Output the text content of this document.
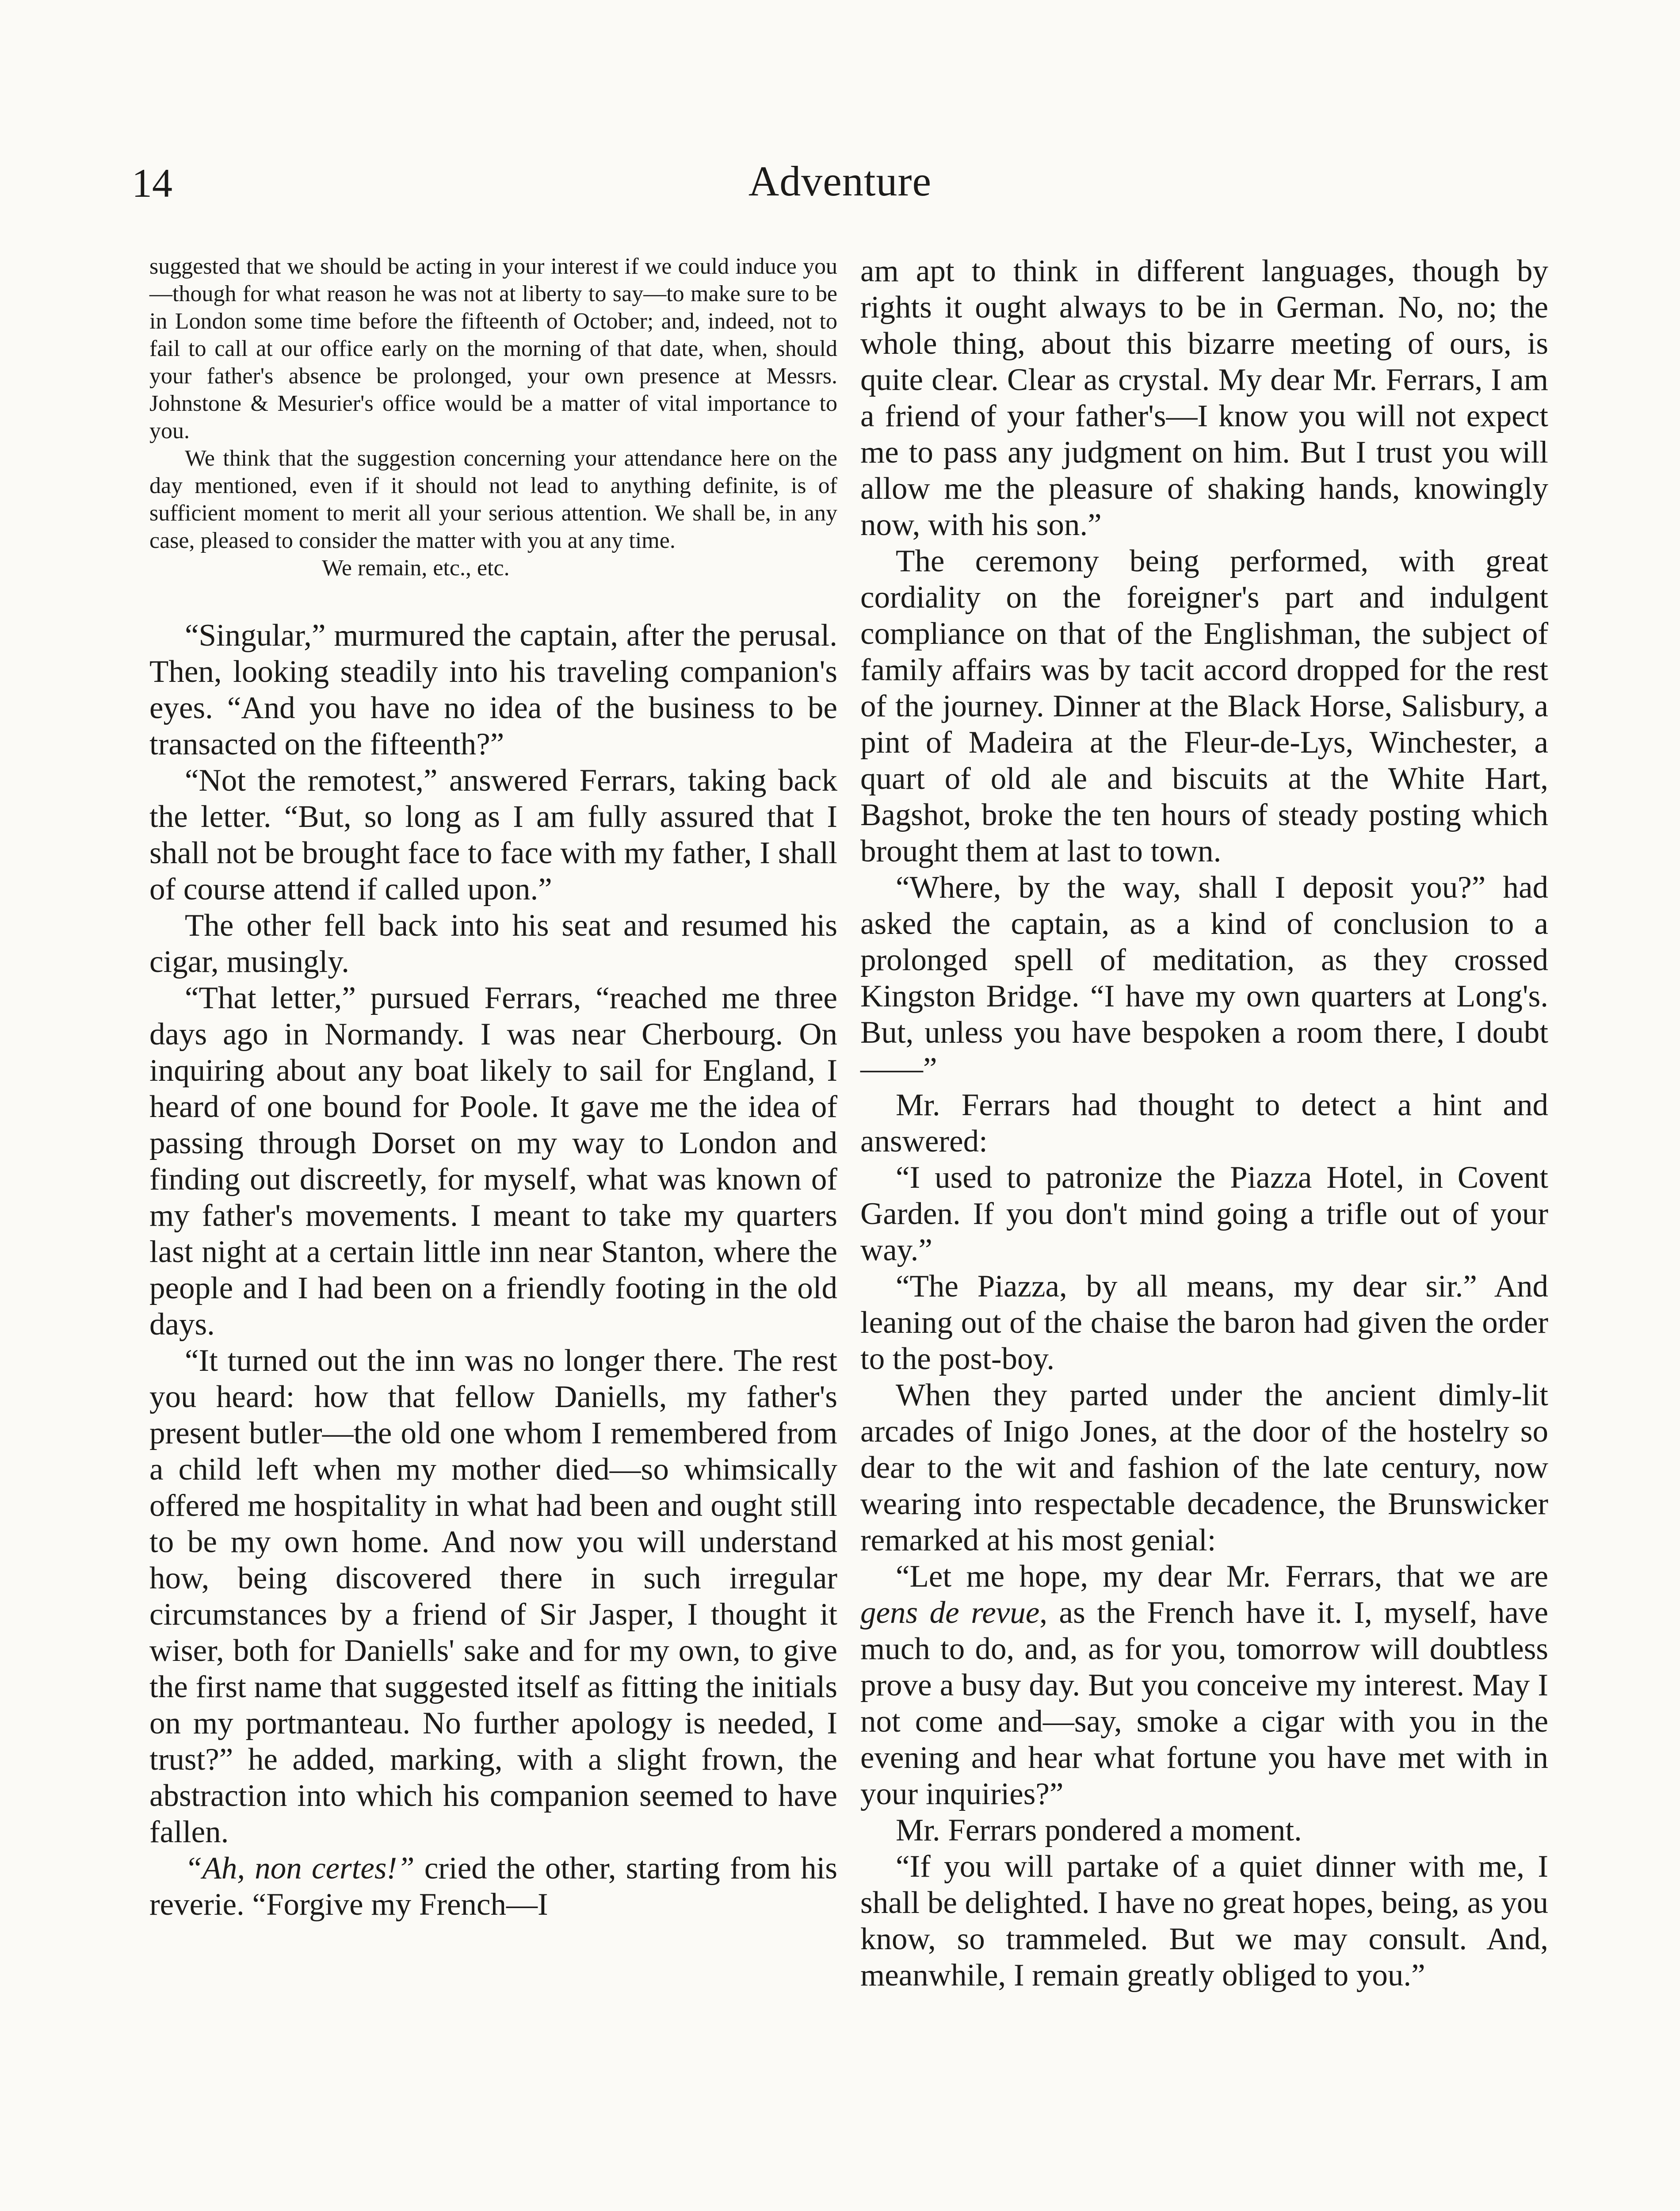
14	Adventure

suggested that we should be acting in your interest if we could induce you—though for what reason he was not at liberty to say—to make sure to be in London some time before the fifteenth of October; and, indeed, not to fail to call at our office early on the morning of that date, when, should your father's absence be prolonged, your own presence at Messrs. Johnstone & Mesurier's office would be a matter of vital importance to you.

We think that the suggestion concerning your attendance here on the day mentioned, even if it should not lead to anything definite, is of sufficient moment to merit all your serious attention. We shall be, in any case, pleased to consider the matter with you at any time.

We remain, etc., etc.

“Singular,” murmured the captain, after the perusal. Then, looking steadily into his traveling companion's eyes. “And you have no idea of the business to be transacted on the fifteenth?”

“Not the remotest,” answered Ferrars, taking back the letter. “But, so long as I am fully assured that I shall not be brought face to face with my father, I shall of course attend if called upon.”

The other fell back into his seat and resumed his cigar, musingly.

“That letter,” pursued Ferrars, “reached me three days ago in Normandy. I was near Cherbourg. On inquiring about any boat likely to sail for England, I heard of one bound for Poole. It gave me the idea of passing through Dorset on my way to London and finding out discreetly, for myself, what was known of my father's movements. I meant to take my quarters last night at a certain little inn near Stanton, where the people and I had been on a friendly footing in the old days.

“It turned out the inn was no longer there. The rest you heard: how that fellow Daniells, my father's present butler—the old one whom I remembered from a child left when my mother died—so whimsically offered me hospitality in what had been and ought still to be my own home. And now you will understand how, being discovered there in such irregular circumstances by a friend of Sir Jasper, I thought it wiser, both for Daniells' sake and for my own, to give the first name that suggested itself as fitting the initials on my portmanteau. No further apology is needed, I trust?” he added, marking, with a slight frown, the abstraction into which his companion seemed to have fallen.

“Ah, non certes!” cried the other, starting from his reverie. “Forgive my French—I

am apt to think in different languages, though by rights it ought always to be in German. No, no; the whole thing, about this bizarre meeting of ours, is quite clear. Clear as crystal. My dear Mr. Ferrars, I am a friend of your father's—I know you will not expect me to pass any judgment on him. But I trust you will allow me the pleasure of shaking hands, knowingly now, with his son.”

The ceremony being performed, with great cordiality on the foreigner's part and indulgent compliance on that of the Englishman, the subject of family affairs was by tacit accord dropped for the rest of the journey. Dinner at the Black Horse, Salisbury, a pint of Madeira at the Fleur-de-Lys, Winchester, a quart of old ale and biscuits at the White Hart, Bagshot, broke the ten hours of steady posting which brought them at last to town.

“Where, by the way, shall I deposit you?” had asked the captain, as a kind of conclusion to a prolonged spell of meditation, as they crossed Kingston Bridge. “I have my own quarters at Long's. But, unless you have bespoken a room there, I doubt——”

Mr. Ferrars had thought to detect a hint and answered:

“I used to patronize the Piazza Hotel, in Covent Garden. If you don't mind going a trifle out of your way.”

“The Piazza, by all means, my dear sir.” And leaning out of the chaise the baron had given the order to the post-boy.

When they parted under the ancient dimly-lit arcades of Inigo Jones, at the door of the hostelry so dear to the wit and fashion of the late century, now wearing into respectable decadence, the Brunswicker remarked at his most genial:

“Let me hope, my dear Mr. Ferrars, that we are gens de revue, as the French have it. I, myself, have much to do, and, as for you, tomorrow will doubtless prove a busy day. But you conceive my interest. May I not come and—say, smoke a cigar with you in the evening and hear what fortune you have met with in your inquiries?”

Mr. Ferrars pondered a moment.

“If you will partake of a quiet dinner with me, I shall be delighted. I have no great hopes, being, as you know, so trammeled. But we may consult. And, meanwhile, I remain greatly obliged to you.”
